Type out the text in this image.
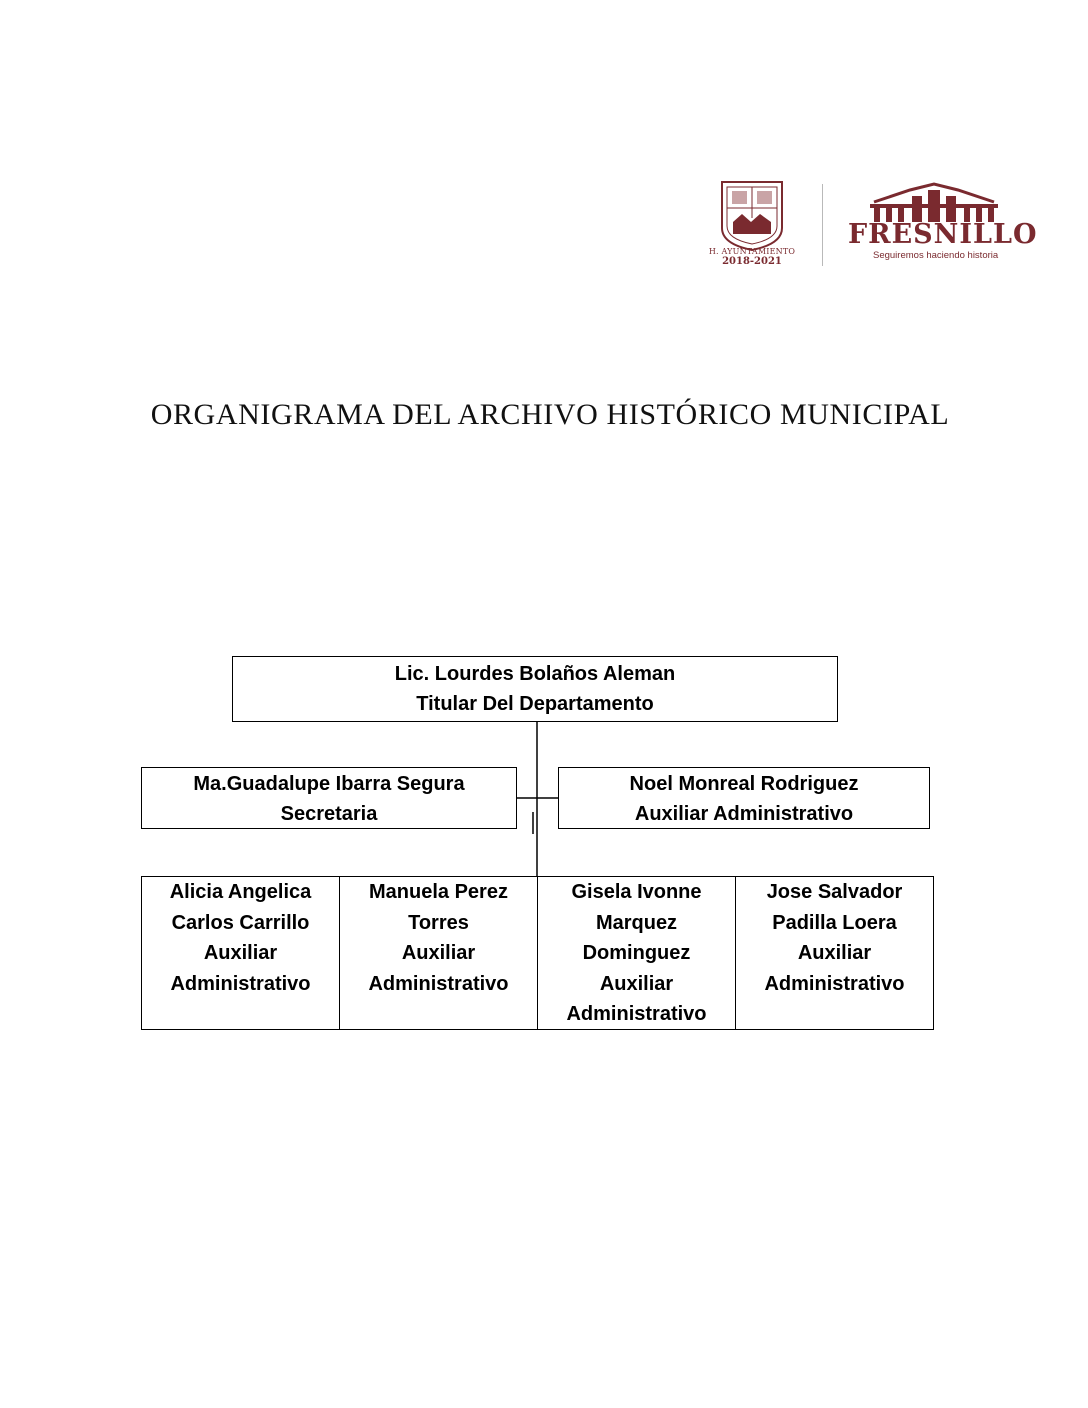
H. AYUNTAMIENTO
2018-2021
FRESNILLO
Seguiremos haciendo historia
ORGANIGRAMA DEL ARCHIVO HISTÓRICO MUNICIPAL
Lic. Lourdes Bolaños Aleman
Titular Del Departamento
Ma.Guadalupe Ibarra Segura
Secretaria
Noel Monreal Rodriguez
Auxiliar Administrativo
Alicia Angelica
Carlos Carrillo
Auxiliar
Administrativo
Manuela Perez
Torres
Auxiliar
Administrativo
Gisela Ivonne
Marquez
Dominguez
Auxiliar
Administrativo
Jose Salvador
Padilla Loera
Auxiliar
Administrativo
